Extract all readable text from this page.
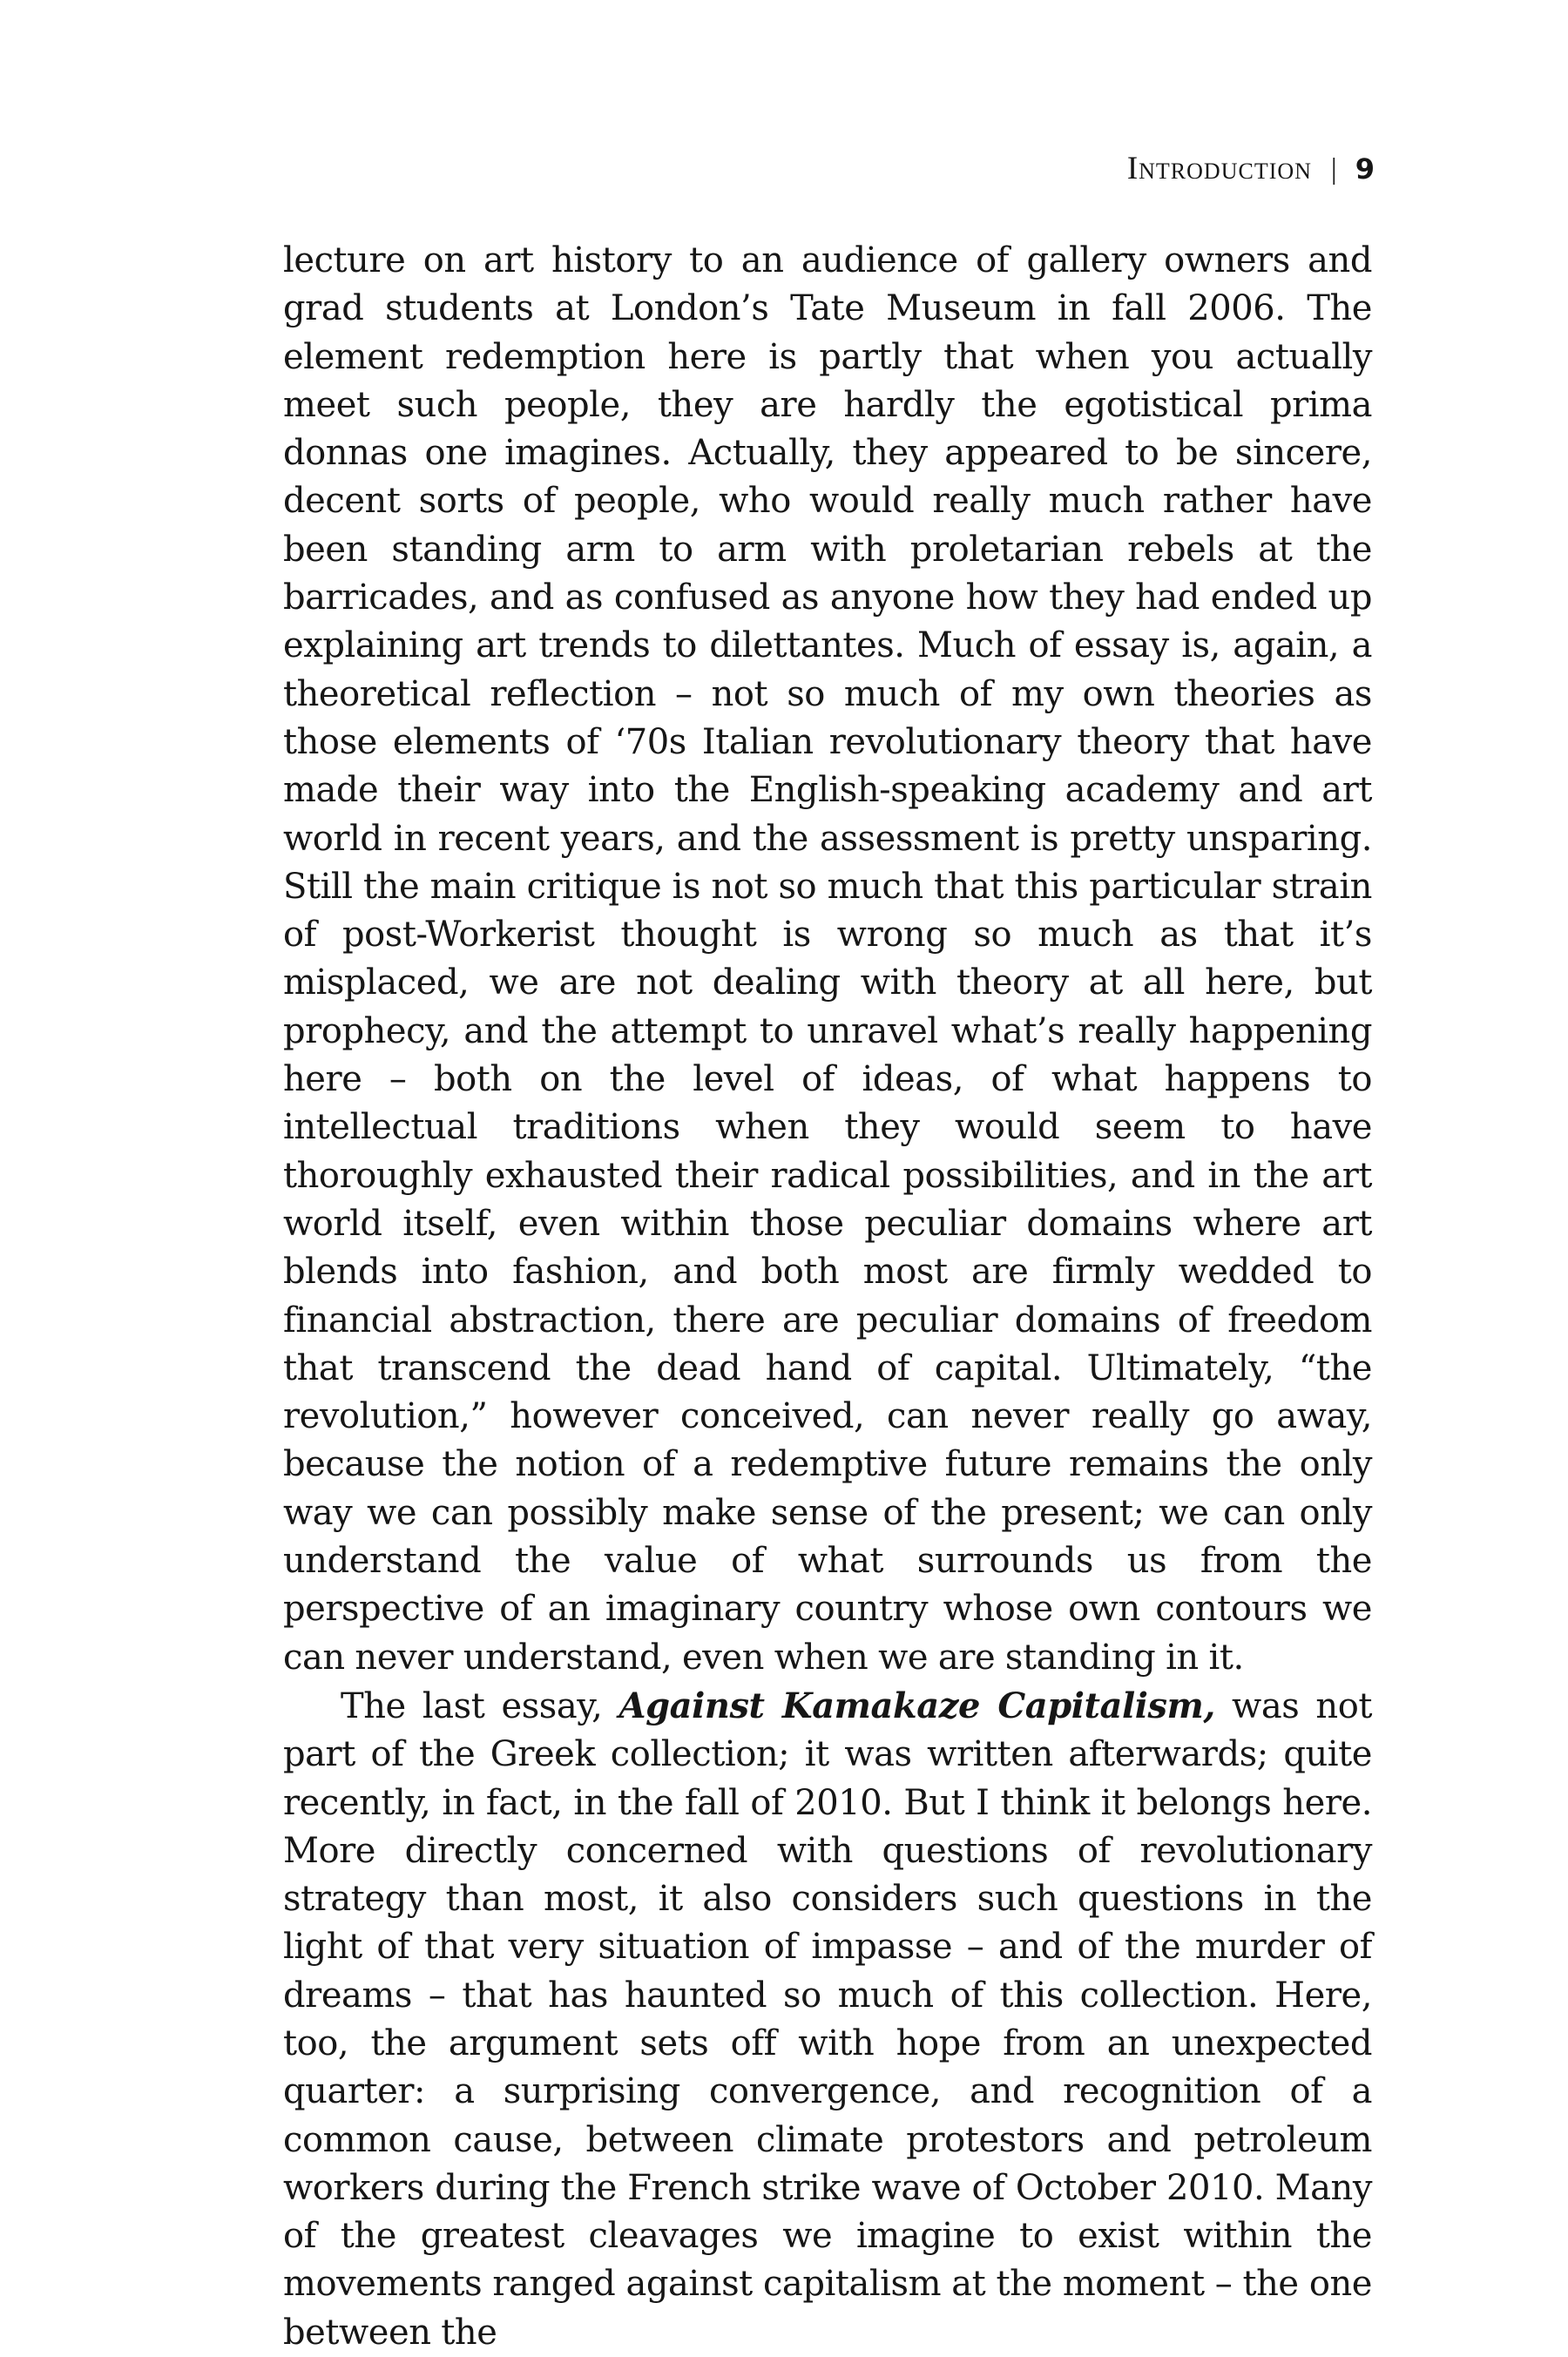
Introduction | 9

lecture on art history to an audience of gallery owners and grad students at London’s Tate Museum in fall 2006. The element redemption here is partly that when you actually meet such people, they are hardly the egotistical prima donnas one imagines. Actually, they appeared to be sincere, decent sorts of people, who would really much rather have been standing arm to arm with proletarian rebels at the barricades, and as confused as anyone how they had ended up explaining art trends to dilettantes. Much of essay is, again, a theoretical reflection – not so much of my own theories as those elements of ‘70s Italian revolutionary theory that have made their way into the English-speaking academy and art world in recent years, and the assessment is pretty unsparing. Still the main critique is not so much that this particular strain of post-Workerist thought is wrong so much as that it’s misplaced, we are not dealing with theory at all here, but prophecy, and the attempt to unravel what’s really happening here – both on the level of ideas, of what happens to intellectual traditions when they would seem to have thoroughly exhausted their radical possibilities, and in the art world itself, even within those peculiar domains where art blends into fashion, and both most are firmly wedded to financial abstraction, there are peculiar domains of freedom that transcend the dead hand of capital. Ultimately, “the revolution,” however conceived, can never really go away, because the notion of a redemptive future remains the only way we can possibly make sense of the present; we can only understand the value of what surrounds us from the perspective of an imaginary country whose own contours we can never understand, even when we are standing in it.

The last essay, Against Kamakaze Capitalism, was not part of the Greek collection; it was written afterwards; quite recently, in fact, in the fall of 2010. But I think it belongs here. More directly concerned with questions of revolutionary strategy than most, it also considers such questions in the light of that very situation of impasse – and of the murder of dreams – that has haunted so much of this collection. Here, too, the argument sets off with hope from an unexpected quarter: a surprising convergence, and recognition of a common cause, between climate protestors and petroleum workers during the French strike wave of October 2010. Many of the greatest cleavages we imagine to exist within the movements ranged against capitalism at the moment – the one between the
